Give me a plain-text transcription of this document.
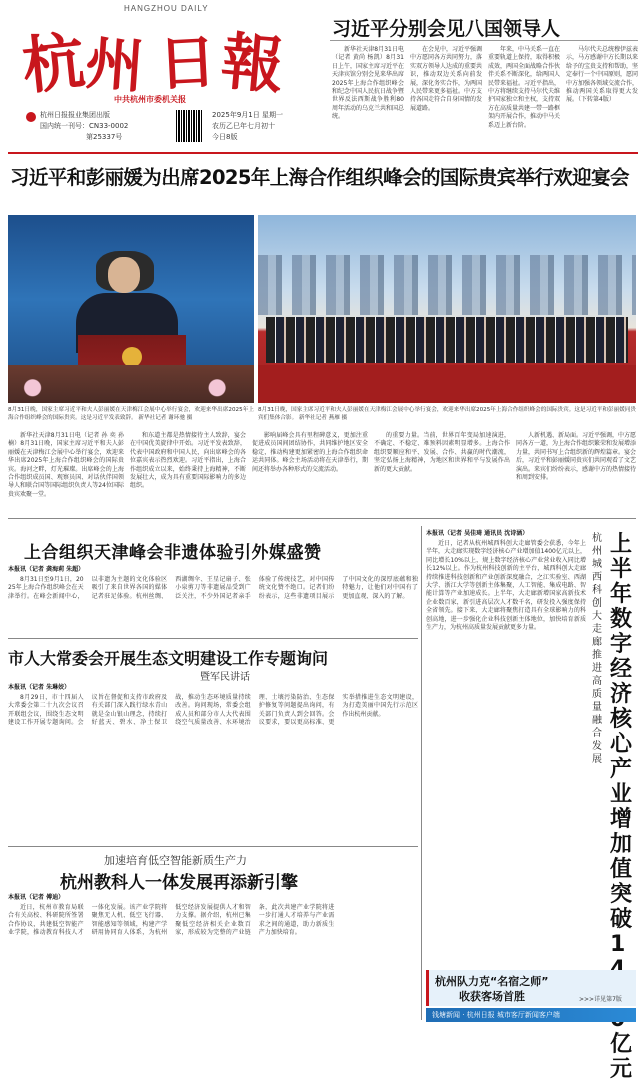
HANGZHOU DAILY
杭
州 日 報
中共杭州市委机关报
杭州日报报业集团出版
国内统一刊号：CN33-0002
第25337号
2025年9月1日 星期一
农历乙巳年七月初十
今日8版
习近平分别会见八国领导人

新华社天津8月31日电（记者 黄尚 杨凯）8月31日上午，国家主席习近平在天津宾馆分别会见来华出席2025年上海合作组织峰会和纪念中国人民抗日战争暨世界反法西斯战争胜利80周年活动的乌克兰共和国总统。

在会见中，习近平强调中方愿同各方共同努力，落实双方领导人达成的重要共识，推动双边关系向前发展，深化务实合作，为两国人民带来更多福祉。中方支持各国走符合自身国情的发展道路。

年来，中马关系一直在重要轨道上保持，取得积极成效，两国全面战略合作伙伴关系不断深化，给两国人民带来福祉。习近平指出，中方将继续支持马尔代夫维护国家独立和主权，支持双方在高质量共建一带一路框架内开展合作，推动中马关系迈上新台阶。

马尔代夫总统穆伊兹表示，马方感谢中方长期以来给予的宝贵支持和帮助，坚定奉行一个中国原则，愿同中方加强各领域交流合作，推动两国关系取得更大发展。（下转第4版）

习近平和彭丽媛为出席2025年上海合作组织峰会的国际贵宾举行欢迎宴会
8月31日晚，国家主席习近平和夫人彭丽媛在天津梅江会展中心举行宴会，欢迎来华出席2025年上海合作组织峰会的国际贵宾。这是习近平发表致辞。 新华社记者 谢环驰 摄
8月31日晚，国家主席习近平和夫人彭丽媛在天津梅江会展中心举行宴会，欢迎来华出席2025年上海合作组织峰会的国际贵宾。这是习近平和彭丽媛同贵宾们集体合影。 新华社记者 燕雁 摄

新华社天津8月31日电（记者 孙 奕 孙 楠）8月31日晚，国家主席习近平和夫人彭丽媛在天津梅江会展中心举行宴会，欢迎来华出席2025年上海合作组织峰会的国际贵宾。海河之畔，灯光璀璨。出席峰会的上海合作组织成员国、观察员国、对话伙伴国领导人和联合国等国际组织负责人等24位国际贵宾欢聚一堂。

和东道主都是热情接待主人致辞，宴会在中国优美旋律中开始。习近平发表致辞，代表中国政府和中国人民，向出席峰会的各位嘉宾表示热烈欢迎。习近平指出，上海合作组织成立以来，始终秉持上海精神，不断发展壮大，成为具有重要国际影响力的多边组织。

影响届峰会具有里程碑意义，更加注重促进成员国间团结协作，共同维护地区安全稳定，推动构建更加紧密的上海合作组织命运共同体。峰会主场活动将在天津举行，期间还将举办各种形式的交流活动。

的重要力量。当前，世界百年变局加速演进，不确定、不稳定、难预料因素明显增多。上海合作组织要顺应和平、发展、合作、共赢的时代潮流，坚定弘扬上海精神，为地区和世界和平与发展作出新的更大贡献。

人新机遇、新局面。习近平强调，中方愿同各方一道，为上海合作组织繁荣和发展增添力量，共同书写上合组织新的辉煌篇章。宴会后，习近平和彭丽媛同贵宾们共同观看了文艺演出。来宾们纷纷表示，感谢中方的热情接待和周到安排。

上合组织天津峰会非遗体验引外媒盛赞
本报讯（记者 龚海莉 朱超）

8月31日至9月1日，2025年上海合作组织峰会在天津举行。在峰会新闻中心，以非遗为主题的文化体验区吸引了来自世界各国的媒体记者驻足体验。杭州丝绸、西湖绸伞、王星记扇子、张小泉剪刀等非遗展品受到广泛关注，不少外国记者亲手体验了传统技艺，对中国传统文化赞不绝口。记者们纷纷表示，这些非遗项目展示了中国文化的深厚底蕴和独特魅力，让他们对中国有了更加直观、深入的了解。

市人大常委会开展生态文明建设工作专题询问
暨军民讲话
本报讯（记者 朱琳姣）

8月29日，市十四届人大常委会第二十九次会议召开联组会议，围绕生态文明建设工作开展专题询问。会议旨在督促和支持市政府及有关部门深入践行绿水青山就是金山银山理念，持续打好蓝天、碧水、净土保卫战，推动生态环境质量持续改善。询问现场，常委会组成人员和部分市人大代表围绕空气质量改善、水环境治理、土壤污染防治、生态保护修复等问题提出询问，有关部门负责人到会回答。会议要求，要以更高标准、更实举措推进生态文明建设，为打造美丽中国先行示范区作出杭州贡献。

加速培育低空智能新质生产力
杭州教科人一体发展再添新引擎
本报讯（记者 傅迪）

近日，杭州市教育局联合有关高校、科研院所签署合作协议，共建低空智能产业学院，推动教育科技人才一体化发展。该产业学院将聚焦无人机、低空飞行器、智能感知等领域，构建产学研用协同育人体系，为杭州低空经济发展提供人才和智力支撑。据介绍，杭州已集聚低空经济相关企业数百家，形成较为完整的产业链条，此次共建产业学院将进一步打通人才培养与产业需求之间的通道，助力新质生产力加快培育。

本报讯（记者 吴佳琦 通讯员 沈诗涵）

近日，记者从杭州城西科创大走廊管委会获悉，今年上半年，大走廊实现数字经济核心产业增加值1400亿元以上，同比增长10%以上，规上数字经济核心产业营业收入同比增长12%以上。作为杭州科技创新的主平台，城西科创大走廊持续推进科技创新和产业创新深度融合，之江实验室、西湖大学、浙江大学等创新主体集聚，人工智能、集成电路、智能计算等产业加速成长。上半年，大走廊新增国家高新技术企业数百家，新引进高层次人才数千名，研发投入强度保持全省领先。接下来，大走廊将聚焦打造具有全球影响力的科创高地，进一步强化企业科技创新主体地位，加快培育新质生产力，为杭州高质量发展贡献更多力量。

杭州城西科创大走廊推进高质量融合发展
上半年数字经济核心产业增加值突破1 亿元
杭州队力克“名宿之师”
收获客场首胜	>>>详见第7版
钱塘新闻 · 杭州日报 城市客厅新闻客户端
